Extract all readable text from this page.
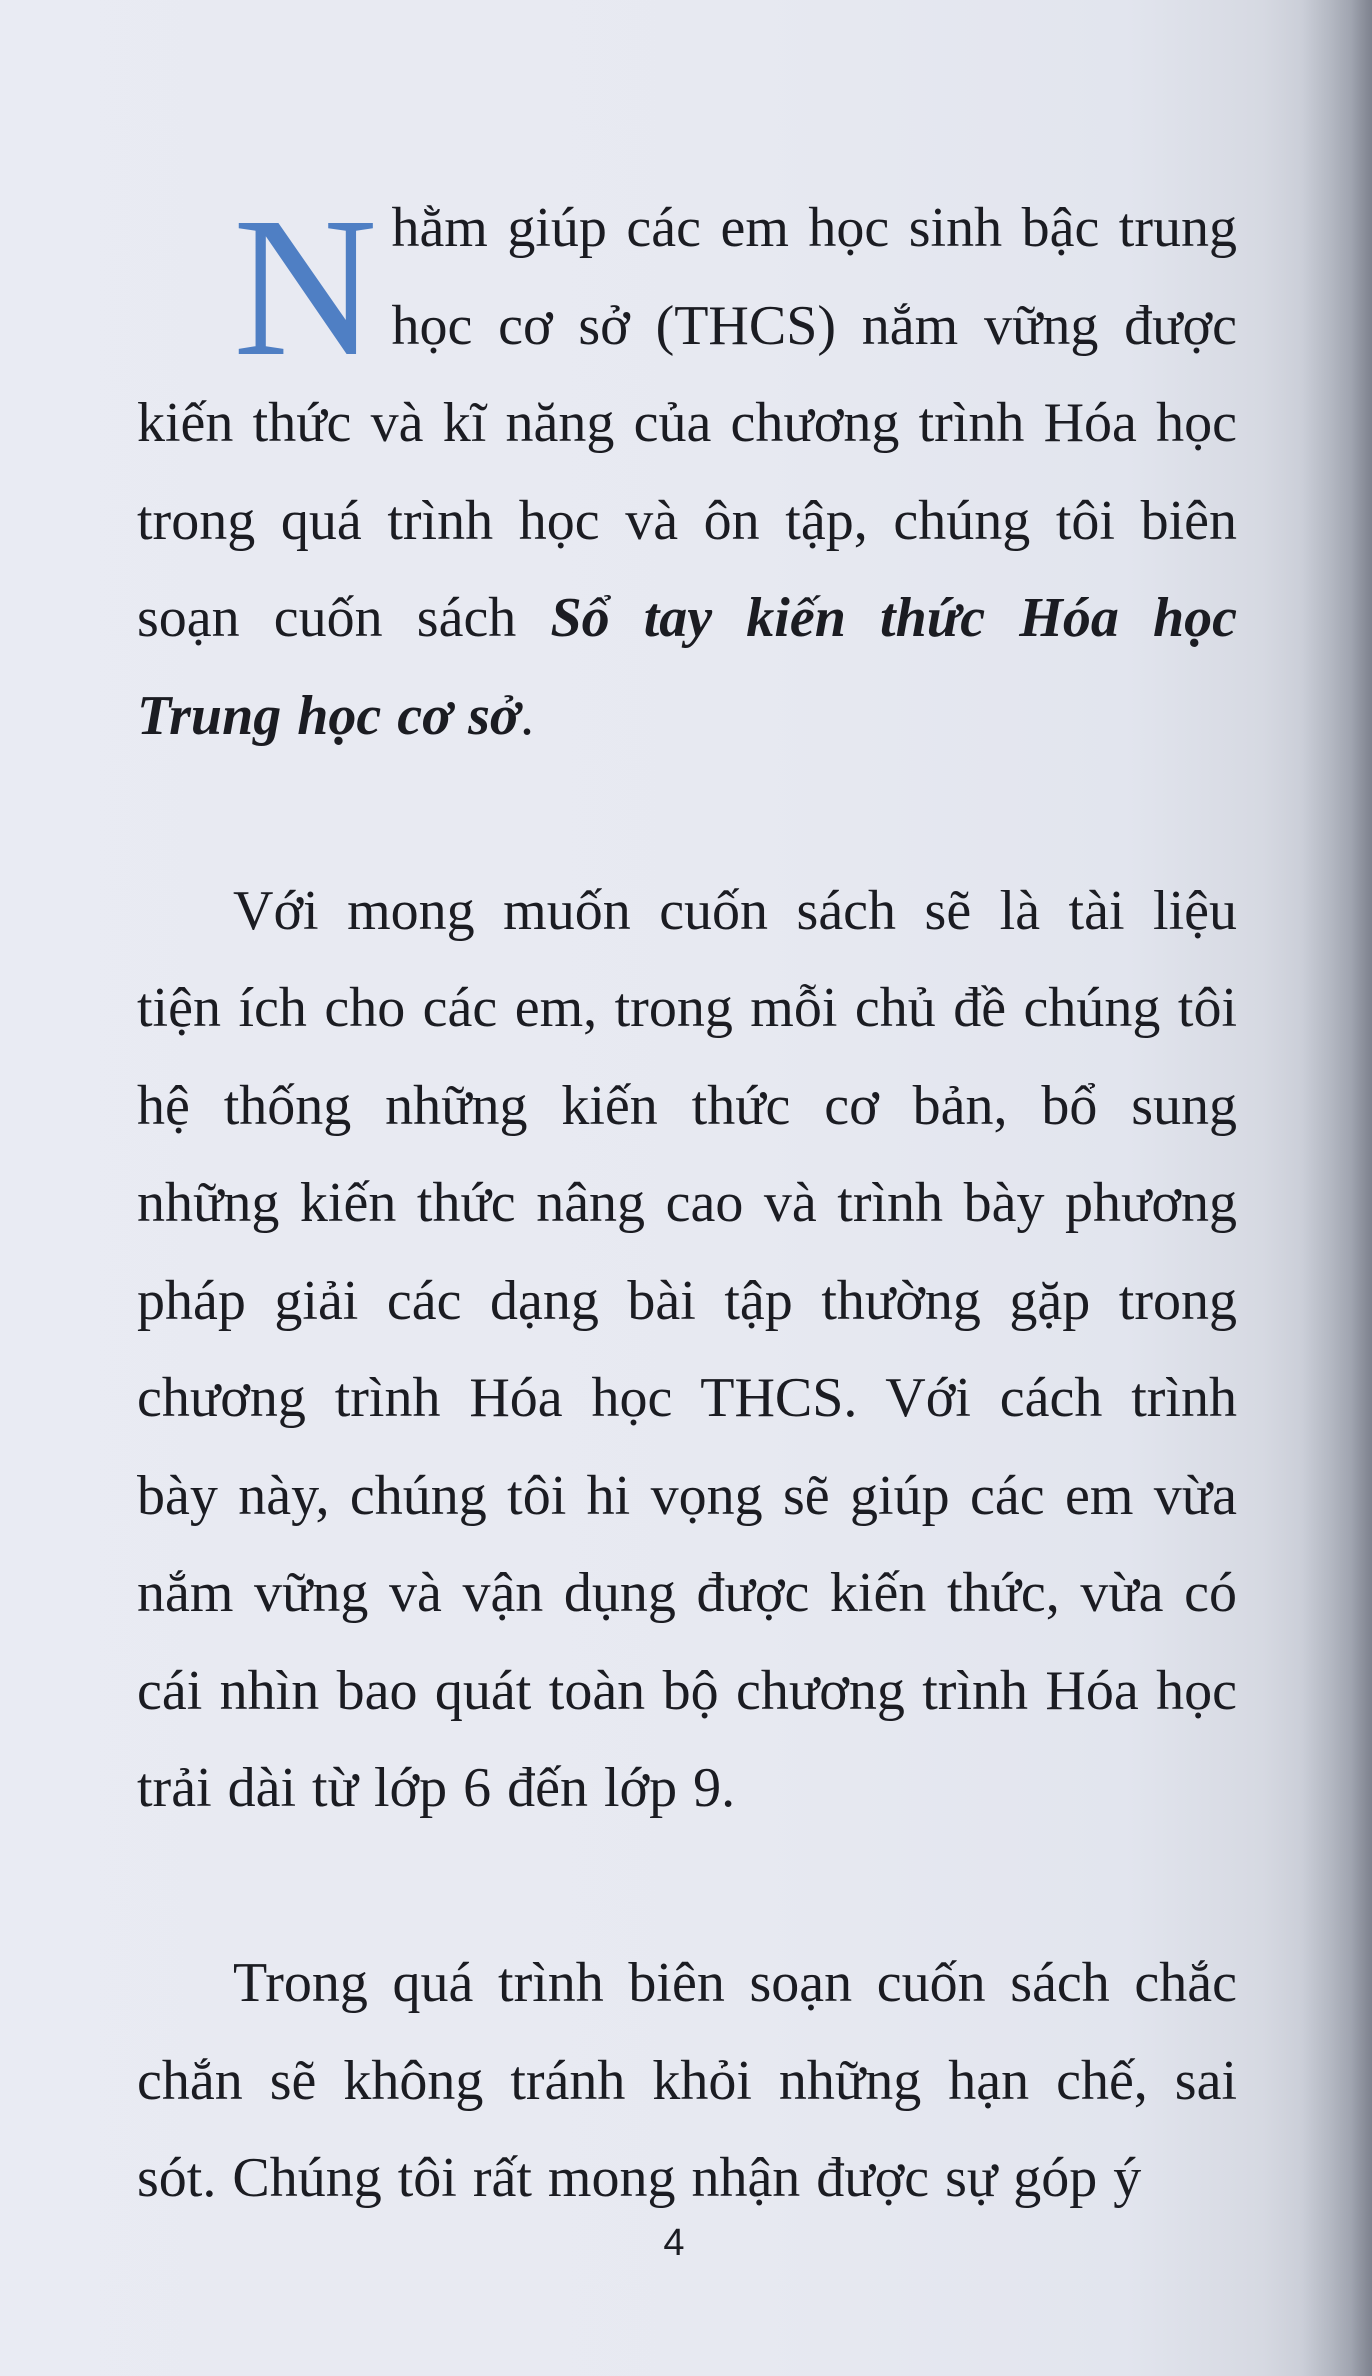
Nhằm giúp các em học sinh bậc trung học cơ sở (THCS) nắm vững được kiến thức và kĩ năng của chương trình Hóa học trong quá trình học và ôn tập, chúng tôi biên soạn cuốn sách Sổ tay kiến thức Hóa học Trung học cơ sở.

Với mong muốn cuốn sách sẽ là tài liệu tiện ích cho các em, trong mỗi chủ đề chúng tôi hệ thống những kiến thức cơ bản, bổ sung những kiến thức nâng cao và trình bày phương pháp giải các dạng bài tập thường gặp trong chương trình Hóa học THCS. Với cách trình bày này, chúng tôi hi vọng sẽ giúp các em vừa nắm vững và vận dụng được kiến thức, vừa có cái nhìn bao quát toàn bộ chương trình Hóa học trải dài từ lớp 6 đến lớp 9.

Trong quá trình biên soạn cuốn sách chắc chắn sẽ không tránh khỏi những hạn chế, sai sót. Chúng tôi rất mong nhận được sự góp ý

4
